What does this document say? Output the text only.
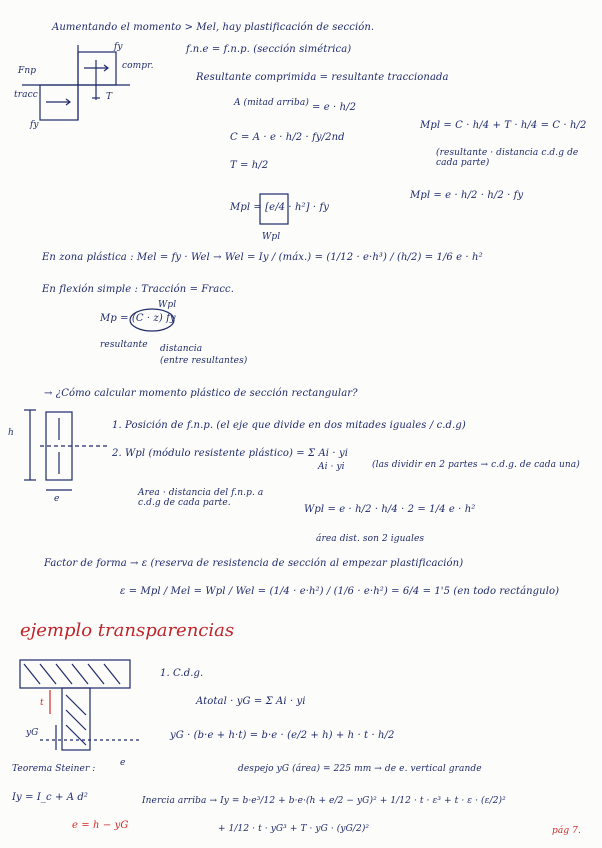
Aumentando el momento > Mel, hay plastificación de sección.
fy
Fnp
tracc
compr.
fy
T
f.n.e = f.n.p. (sección simétrica)
Resultante comprimida = resultante traccionada
A (mitad arriba) = e · h/2
C = A · e · h/2 · fy/2nd
T = h/2
Mpl = [e/4 · h²] · fy
Wpl
Mpl = C · h/4 + T · h/4 = C · h/2
(resultante · distancia c.d.g de cada parte)
Mpl = e · h/2 · h/2 · fy
En zona plástica : Mel = fy · Wel → Wel = Iy / (máx.) = (1/12 · e·h³) / (h/2) = 1/6 e · h²
En flexión simple : Tracción = Fracc.
Mp = (C · z) fy
Wpl
resultante distancia
(entre resultantes)
→ ¿Cómo calcular momento plástico de sección rectangular?
h
1. Posición de f.n.p. (el eje que divide en dos mitades iguales / c.d.g)
2. Wpl (módulo resistente plástico) = Σ Ai · yi
(las dividir en 2 partes → c.d.g. de cada una)
Ai · yi
Area · distancia del f.n.p. a c.d.g de cada parte.
e
Wpl = e · h/2 · h/4 · 2 = 1/4 e · h²
área dist. son 2 iguales
Factor de forma → ε (reserva de resistencia de sección al empezar plastificación)
ε = Mpl / Mel = Wpl / Wel = (1/4 · e·h²) / (1/6 · e·h²) = 6/4 = 1'5 (en todo rectángulo)
ejemplo transparencias
1. C.d.g.
Atotal · yG = Σ Ai · yi
yG · (b·e + h·t) = b·e · (e/2 + h) + h · t · h/2
despejo yG (área) = 225 mm → de e. vertical grande
t
yG
e
Teorema Steiner :
Iy = I_c + A d²
e = h − yG
Inercia arriba → Iy = b·e³/12 + b·e·(h + e/2 − yG)² + 1/12 · t · ε³ + t · ε · (ε/2)²
+ 1/12 · t · yG³ + T · yG · (yG/2)²	pág 7.
